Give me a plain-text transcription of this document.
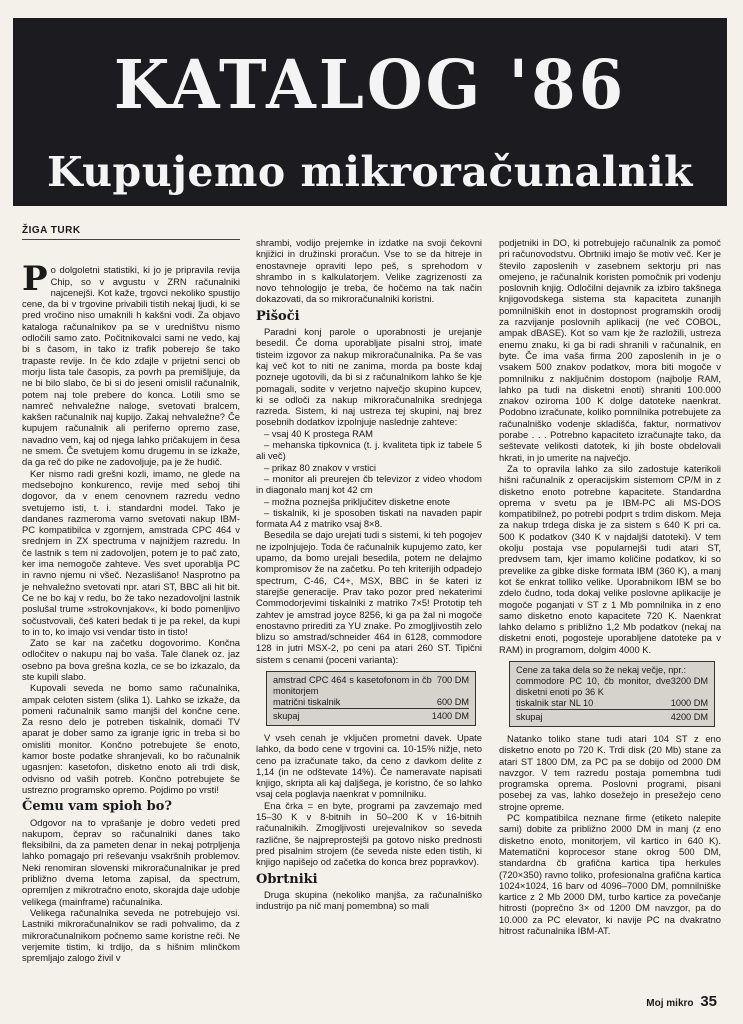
KATALOG '86
Kupujemo mikroračunalnik
ŽIGA TURK

Po dolgoletni statistiki, ki jo je pripravila revija Chip, so v avgustu v ZRN računalniki najcenejši. Kot kaže, trgovci nekoliko spustijo cene, da bi v trgovine privabili tistih nekaj ljudi, ki se pred vročino niso umaknili h kakšni vodi. Za objavo kataloga računalnikov pa se v uredništvu nismo odločili samo zato. Počitnikovalci sami ne vedo, kaj bi s časom, in tako iz trafik poberejo še tako trapaste revije. In če kdo zdajle v prijetni senci ob morju lista tale časopis, za povrh pa premišljuje, da ne bi bilo slabo, če bi si do jeseni omislil računalnik, potem naj tole prebere do konca. Lotili smo se namreč nehvaležne naloge, svetovati bralcem, kakšen računalnik naj kupijo. Zakaj nehvaležne? Če kupujem računalnik ali periferno opremo zase, navadno vem, kaj od njega lahko pričakujem in česa ne smem. Če svetujem komu drugemu in se izkaže, da ga reč do pike ne zadovoljuje, pa je že hudič.

Ker nismo radi grešni kozli, imamo, ne glede na medsebojno konkurenco, revije med seboj tihi dogovor, da v enem cenovnem razredu vedno svetujemo isti, t. i. standardni model. Tako je dandanes razmeroma varno svetovati nakup IBM-PC kompatibilca v zgornjem, amstrada CPC 464 v srednjem in ZX spectruma v najnižjem razredu. In če lastnik s tem ni zadovoljen, potem je to pač zato, ker ima nemogoče zahteve. Ves svet uporablja PC in ravno njemu ni všeč. Nezaslišano! Nasprotno pa je nehvaležno svetovati npr. atari ST, BBC ali hit bit. Ce ne bo kaj v redu, bo že tako nezadovoljni lastnik poslušal trume »strokovnjakov«, ki bodo pomenljivo sočustvovali, češ kateri bedak ti je pa rekel, da kupi to in to, ko imajo vsi vendar tisto in tisto!

Zato se kar na začetku dogovorimo. Končna odločitev o nakupu naj bo vaša. Tale članek oz. jaz osebno pa bova grešna kozla, ce se bo izkazalo, da ste kupili slabo.

Kupovali seveda ne bomo samo računalnika, ampak celoten sistem (slika 1). Lahko se izkaže, da pomeni računalnik samo manjši del končne cene. Za resno delo je potreben tiskalnik, domači TV aparat je dober samo za igranje igric in treba si bo omisliti monitor. Končno potrebujete še enoto, kamor boste podatke shranjevali, ko bo računalnik ugasnjen: kasetofon, disketno enoto ali trdi disk, odvisno od vaših potreb. Končno potrebujete še ustrezno programsko opremo. Pojdimo po vrsti!

Čemu vam spioh bo?

Odgovor na to vprašanje je dobro vedeti pred nakupom, čeprav so računalniki danes tako fleksibilni, da za pameten denar in nekaj potrpljenja lahko pomagajo pri reševanju vsakršnih problemov. Neki renomiran slovenski mikroračunalnikar je pred približno dvema letoma zapisal, da spectrum, opremljen z mikrotračno enoto, skorajda daje udobje velikega (mainframe) računalnika.

Velikega računalnika seveda ne potrebujejo vsi. Lastniki mikroračunalnikov se radi pohvalimo, da z mikroračunalnikom počnemo same koristne reči. Ne verjemite tistim, ki trdijo, da s hišnim mlinčkom spremljajo zalogo živil v

shrambi, vodijo prejemke in izdatke na svoji čekovni knjižici in družinski proračun. Vse to se da hitreje in enostavneje opraviti lepo peš, s sprehodom v shrambo in s kalkulatorjem. Velike zagrizenosti za novo tehnologijo je treba, če hočemo na tak način dokazovati, da so mikroračunalniki koristni.

Pišoči

Paradni konj parole o uporabnosti je urejanje besedil. Če doma uporabljate pisalni stroj, imate tisteim izgovor za nakup mikroračunalnika. Pa še vas kaj več kot to niti ne zanima, morda pa boste kdaj pozneje ugotovili, da bi si z računalnikom lahko še kje pomagali, sodite v verjetno največjo skupino kupcev, ki se odloči za nakup mikroračunalnika srednjega razreda. Sistem, ki naj ustreza tej skupini, naj brez posebnih dodatkov izpolnjuje naslednje zahteve:

– vsaj 40 K prostega RAM

– mehanska tipkovnica (t. j. kvaliteta tipk iz tabele 5 ali več)

– prikaz 80 znakov v vrstici

– monitor ali preurejen čb televizor z video vhodom in diagonalo manj kot 42 cm

– možna poznejša priključitev disketne enote

– tiskalnik, ki je sposoben tiskati na navaden papir formata A4 z matriko vsaj 8×8.

Besedila se dajo urejati tudi s sistemi, ki teh pogojev ne izpolnjujejo. Toda če računalnik kupujemo zato, ker upamo, da bomo urejali besedila, potem ne delajmo kompromisov že na začetku. Po teh kriterijih odpadejo spectrum, C-46, C4+, MSX, BBC in še kateri iz starejše generacije. Prav tako pozor pred nekaterimi Commodorjevimi tiskalniki z matriko 7×5! Prototip teh zahtev je amstrad joyce 8256, ki ga pa žal ni mogoče enostavno prirediti za YU znake. Po zmogljivostih zelo blizu so amstrad/schneider 464 in 6128, commodore 128 in jutri MSX-2, po ceni pa atari 260 ST. Tipični sistem s cenami (poceni varianta):

amstrad CPC 464 s kasetofonom in čb monitorjem	700 DM
matrični tiskalnik	600 DM
skupaj	1400 DM

V vseh cenah je vključen prometni davek. Upate lahko, da bodo cene v trgovini ca. 10-15% nižje, neto ceno pa izračunate tako, da ceno z davkom delite z 1,14 (in ne odštevate 14%). Če nameravate napisati knjigo, skripta ali kaj daljšega, je koristno, če so lahko vsaj cela poglavja naenkrat v pomnilniku.

Ena črka = en byte, programi pa zavzemajo med 15–30 K v 8-bitnih in 50–200 K v 16-bitnih računalnikih. Zmogljivosti urejevalnikov so seveda različne, še najpreprostejši pa gotovo nisko prednosti pred pisalnim strojem (če seveda niste eden tistih, ki knjigo napišejo od začetka do konca brez popravkov).

Obrtniki

Druga skupina (nekoliko manjša, za računalniško industrijo pa nič manj pomembna) so mali

podjetniki in DO, ki potrebujejo računalnik za pomoč pri računovodstvu. Obrtniki imajo še motiv več. Ker je število zaposlenih v zasebnem sektorju pri nas omejeno, je računalnik koristen pomočnik pri vodenju poslovnih knjig. Odločilni dejavnik za izbiro takšnega knjigovodskega sistema sta kapaciteta zunanjih pomnilniških enot in dostopnost programskih orodij za razvijanje poslovnih aplikacij (ne več COBOL, ampak dBASE). Kot so vam kje že razložili, ustreza enemu znaku, ki ga bi radi shranili v računalnik, en byte. Če ima vaša firma 200 zaposlenih in je o vsakem 500 znakov podatkov, mora biti mogoče v pomnilniku z naključnim dostopom (najbolje RAM, lahko pa tudi na disketni enoti) shraniti 100.000 znakov oziroma 100 K dolge datoteke naenkrat. Podobno izračunate, koliko pomnilnika potrebujete za računalniško vodenje skladišča, faktur, normativov porabe . . . Potrebno kapaciteto izračunajte tako, da seštevate velikosti datotek, ki jih boste obdelovali hkrati, in jo umerite na največjo.

Za to opravila lahko za silo zadostuje katerikoli hišni računalnik z operacijskim sistemom CP/M in z disketno enoto potrebne kapacitete. Standardna oprema v svetu pa je IBM-PC ali MS-DOS kompatibilnež, po potrebi podprt s trdim diskom. Meja za nakup trdega diska je za sistem s 640 K pri ca. 500 K podatkov (340 K v najdaljši datoteki). V tem okolju postaja vse popularnejši tudi atari ST, predvsem tam, kjer imamo količine podatkov, ki so prevelike za gibke diske formata IBM (360 K), a manj kot še enkrat tolliko velike. Uporabnikom IBM se bo zdelo čudno, toda dokaj velike poslovne aplikacije je mogoče poganjati v ST z 1 Mb pomnilnika in z eno samo disketno enoto kapacitete 720 K. Naenkrat lahko delamo s približno 1,2 Mb podatkov (nekaj na disketni enoti, pogosteje uporabljene datoteke pa v RAM) in programom, dolgim 4000 K.

Cene za taka dela so že nekaj večje, npr.:
commodore PC 10, čb monitor, dve disketni enoti po 36 K	3200 DM
tiskalnik star NL 10	1000 DM
skupaj	4200 DM

Natanko toliko stane tudi atari 104 ST z eno disketno enoto po 720 K. Trdi disk (20 Mb) stane za atari ST 1800 DM, za PC pa se dobijo od 2000 DM navzgor. V tem razredu postaja pomembna tudi programska oprema. Poslovni programi, pisani posebej za vas, lahko dosežejo in presežejo ceno strojne opreme.

PC kompatibilca neznane firme (etiketo nalepite sami) dobite za približno 2000 DM in manj (z eno disketno enoto, monitorjem, vil kartico in 640 K). Matematični koprocesor stane okrog 500 DM, standardna čb grafična kartica tipa herkules (720×350) ravno toliko, profesionalna grafična kartica 1024×1024, 16 barv od 4096–7000 DM, pomnilniške kartice z 2 Mb 2000 DM, turbo kartice za povečanje hitrosti (poprečno 3× od 1200 DM navzgor, pa do 10.000 za PC elevator, ki navije PC na dvakratno hitrost računalnika IBM-AT.

Moj mikro 35
